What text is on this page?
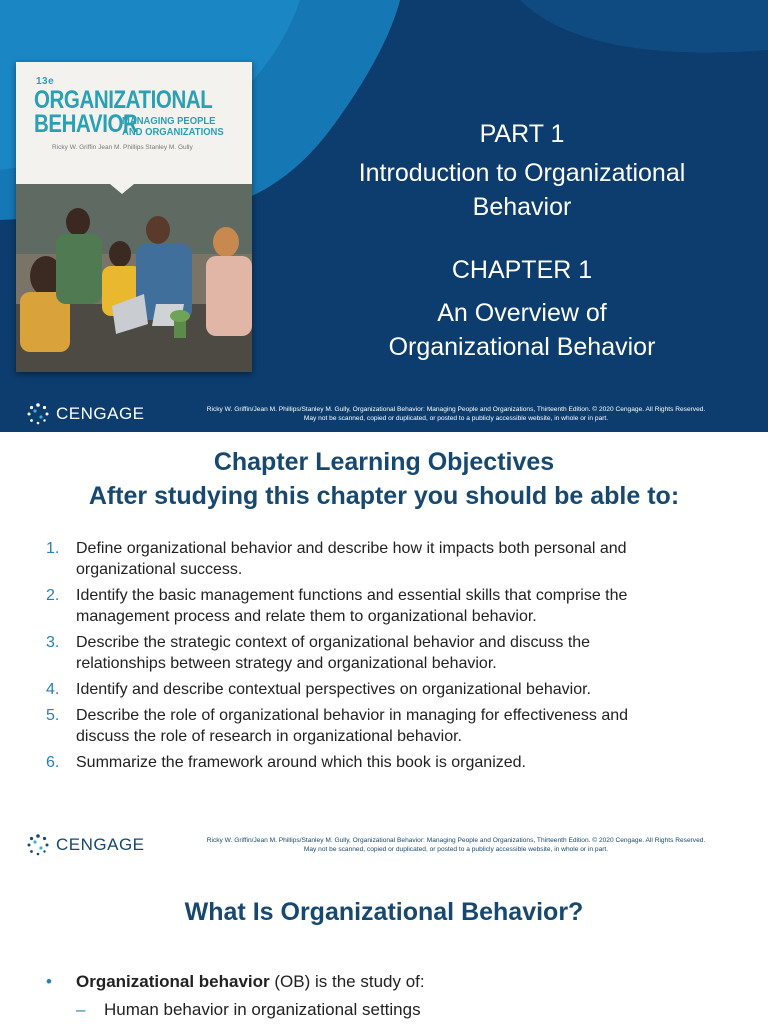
13e
ORGANIZATIONAL
BEHAVIOR
MANAGING PEOPLE
AND ORGANIZATIONS
Ricky W. Griffin Jean M. Phillips Stanley M. Gully	PART 1
Introduction to Organizational
Behavior
CHAPTER 1
An Overview of
Organizational Behavior
CENGAGE	Ricky W. Griffin/Jean M. Phillips/Stanley M. Gully, Organizational Behavior: Managing People and Organizations, Thirteenth Edition. © 2020 Cengage. All Rights Reserved.
May not be scanned, copied or duplicated, or posted to a publicly accessible website, in whole or in part.
Chapter Learning Objectives
After studying this chapter you should be able to:
1. Define organizational behavior and describe how it impacts both personal and
organizational success.
2. Identify the basic management functions and essential skills that comprise the
management process and relate them to organizational behavior.
3. Describe the strategic context of organizational behavior and discuss the
relationships between strategy and organizational behavior.
4. Identify and describe contextual perspectives on organizational behavior.
5. Describe the role of organizational behavior in managing for effectiveness and
discuss the role of research in organizational behavior.
6. Summarize the framework around which this book is organized.
CENGAGE	Ricky W. Griffin/Jean M. Phillips/Stanley M. Gully, Organizational Behavior: Managing People and Organizations, Thirteenth Edition. © 2020 Cengage. All Rights Reserved.
May not be scanned, copied or duplicated, or posted to a publicly accessible website, in whole or in part.
What Is Organizational Behavior?
• Organizational behavior (OB) is the study of:
– Human behavior in organizational settings
